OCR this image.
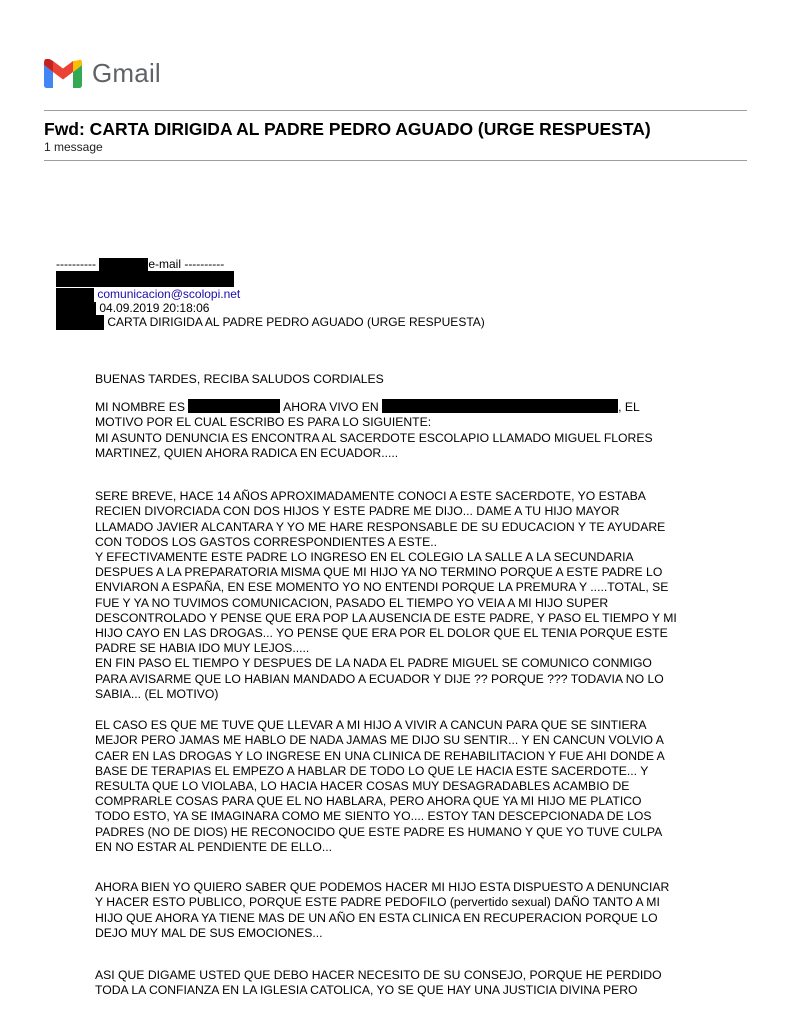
Gmail
Fwd: CARTA DIRIGIDA AL PADRE PEDRO AGUADO (URGE RESPUESTA)
1 message
----------	e-mail ----------
comunicacion@scolopi.net
04.09.2019 20:18:06
CARTA DIRIGIDA AL PADRE PEDRO AGUADO (URGE RESPUESTA)

BUENAS TARDES, RECIBA SALUDOS CORDIALES

MI NOMBRE ES	AHORA VIVO EN	, EL
MOTIVO POR EL CUAL ESCRIBO ES PARA LO SIGUIENTE:
MI ASUNTO DENUNCIA ES ENCONTRA AL SACERDOTE ESCOLAPIO LLAMADO MIGUEL FLORES
MARTINEZ, QUIEN AHORA RADICA EN ECUADOR.....

SERE BREVE, HACE 14 AÑOS APROXIMADAMENTE CONOCI A ESTE SACERDOTE, YO ESTABA
RECIEN DIVORCIADA CON DOS HIJOS Y ESTE PADRE ME DIJO... DAME A TU HIJO MAYOR
LLAMADO JAVIER ALCANTARA Y YO ME HARE RESPONSABLE DE SU EDUCACION Y TE AYUDARE
CON TODOS LOS GASTOS CORRESPONDIENTES A ESTE..
Y EFECTIVAMENTE ESTE PADRE LO INGRESO EN EL COLEGIO LA SALLE A LA SECUNDARIA
DESPUES A LA PREPARATORIA MISMA QUE MI HIJO YA NO TERMINO PORQUE A ESTE PADRE LO
ENVIARON A ESPAÑA, EN ESE MOMENTO YO NO ENTENDI PORQUE LA PREMURA Y .....TOTAL, SE
FUE Y YA NO TUVIMOS COMUNICACION, PASADO EL TIEMPO YO VEIA A MI HIJO SUPER
DESCONTROLADO Y PENSE QUE ERA POP LA AUSENCIA DE ESTE PADRE, Y PASO EL TIEMPO Y MI
HIJO CAYO EN LAS DROGAS... YO PENSE QUE ERA POR EL DOLOR QUE EL TENIA PORQUE ESTE
PADRE SE HABIA IDO MUY LEJOS.....
EN FIN PASO EL TIEMPO Y DESPUES DE LA NADA EL PADRE MIGUEL SE COMUNICO CONMIGO
PARA AVISARME QUE LO HABIAN MANDADO A ECUADOR Y DIJE ?? PORQUE ??? TODAVIA NO LO
SABIA... (EL MOTIVO)

EL CASO ES QUE ME TUVE QUE LLEVAR A MI HIJO A VIVIR A CANCUN PARA QUE SE SINTIERA
MEJOR PERO JAMAS ME HABLO DE NADA JAMAS ME DIJO SU SENTIR... Y EN CANCUN VOLVIO A
CAER EN LAS DROGAS Y LO INGRESE EN UNA CLINICA DE REHABILITACION Y FUE AHI DONDE A
BASE DE TERAPIAS EL EMPEZO A HABLAR DE TODO LO QUE LE HACIA ESTE SACERDOTE... Y
RESULTA QUE LO VIOLABA, LO HACIA HACER COSAS MUY DESAGRADABLES ACAMBIO DE
COMPRARLE COSAS PARA QUE EL NO HABLARA, PERO AHORA QUE YA MI HIJO ME PLATICO
TODO ESTO, YA SE IMAGINARA COMO ME SIENTO YO.... ESTOY TAN DESCEPCIONADA DE LOS
PADRES (NO DE DIOS) HE RECONOCIDO QUE ESTE PADRE ES HUMANO Y QUE YO TUVE CULPA
EN NO ESTAR AL PENDIENTE DE ELLO...

AHORA BIEN YO QUIERO SABER QUE PODEMOS HACER MI HIJO ESTA DISPUESTO A DENUNCIAR
Y HACER ESTO PUBLICO, PORQUE ESTE PADRE PEDOFILO (pervertido sexual) DAÑO TANTO A MI
HIJO QUE AHORA YA TIENE MAS DE UN AÑO EN ESTA CLINICA EN RECUPERACION PORQUE LO
DEJO MUY MAL DE SUS EMOCIONES...

ASI QUE DIGAME USTED QUE DEBO HACER NECESITO DE SU CONSEJO, PORQUE HE PERDIDO
TODA LA CONFIANZA EN LA IGLESIA CATOLICA, YO SE QUE HAY UNA JUSTICIA DIVINA PERO
